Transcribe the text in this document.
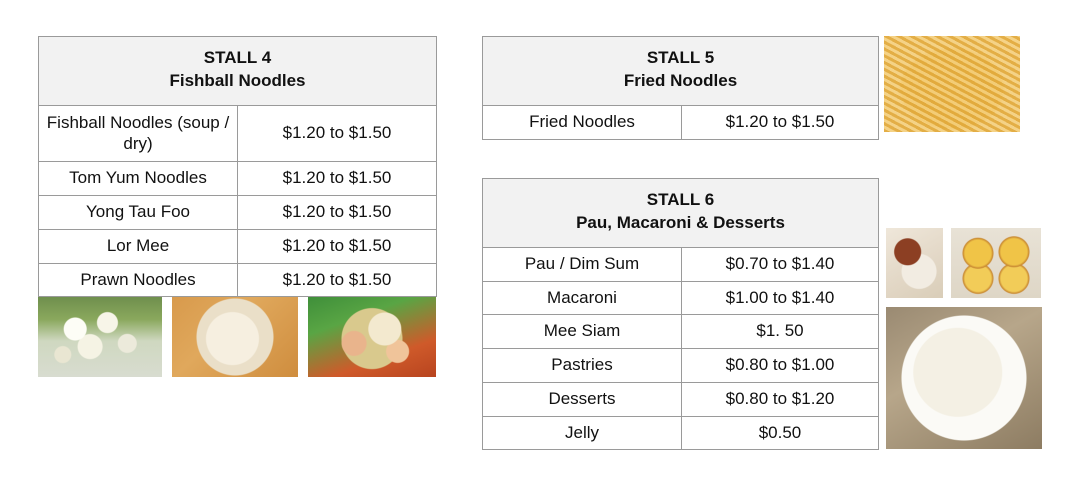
STALL 4
Fishball Noodles	

Fishball Noodles (soup / dry)	$1.20 to $1.50
Tom Yum Noodles	$1.20 to $1.50
Yong Tau Foo	$1.20 to $1.50
Lor Mee	$1.20 to $1.50
Prawn Noodles	$1.20 to $1.50
STALL 5
Fried Noodles

Fried Noodles	$1.20 to $1.50
STALL 6
Pau, Macaroni & Desserts	

Pau / Dim Sum	$0.70 to $1.40
Macaroni	$1.00 to $1.40
Mee Siam	$1. 50
Pastries	$0.80 to $1.00
Desserts	$0.80 to $1.20
Jelly	$0.50
